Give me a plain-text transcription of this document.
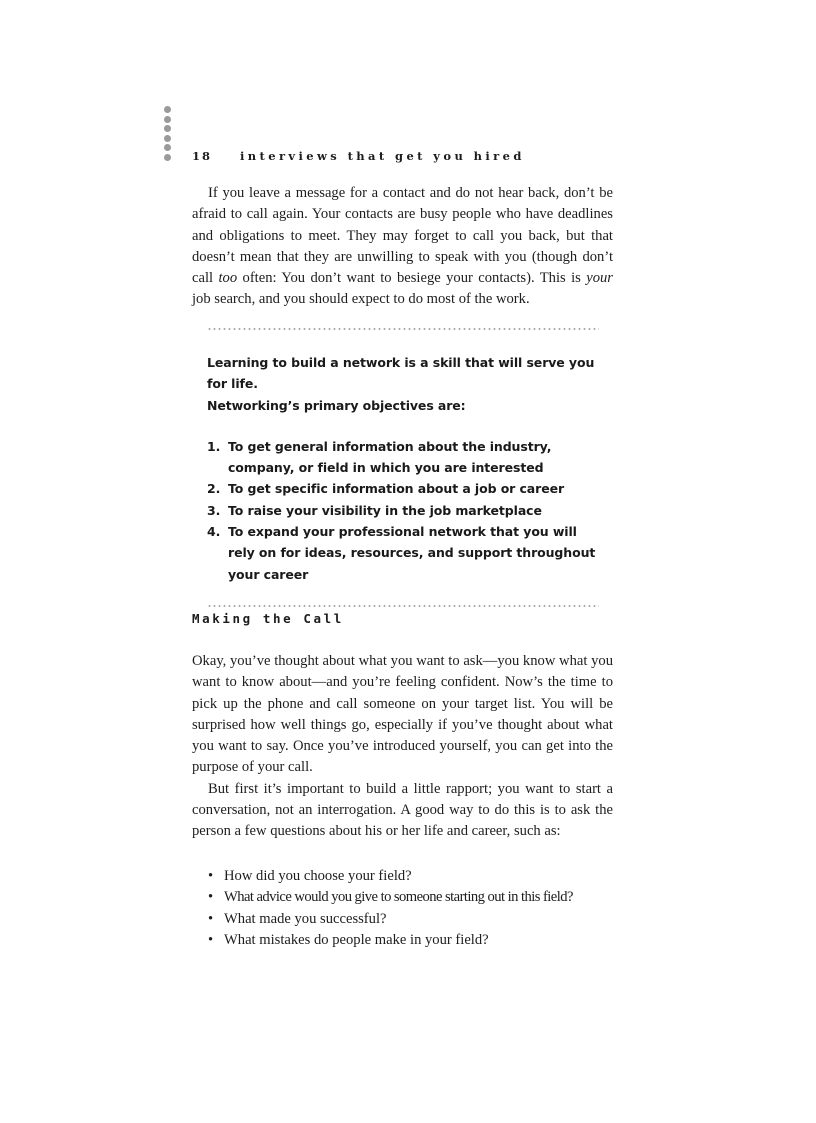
18 interviews that get you hired

If you leave a message for a contact and do not hear back, don’t be afraid to call again. Your contacts are busy people who have deadlines and obligations to meet. They may forget to call you back, but that doesn’t mean that they are unwilling to speak with you (though don’t call too often: You don’t want to besiege your contacts). This is your job search, and you should expect to do most of the work.

Learning to build a network is a skill that will serve you for life.
Networking’s primary objectives are:
1. To get general information about the industry, company, or field in which you are interested
2. To get specific information about a job or career
3. To raise your visibility in the job marketplace
4. To expand your professional network that you will rely on for ideas, resources, and support throughout your career
Making the Call

Okay, you’ve thought about what you want to ask—you know what you want to know about—and you’re feeling confident. Now’s the time to pick up the phone and call someone on your target list. You will be surprised how well things go, especially if you’ve thought about what you want to say. Once you’ve introduced yourself, you can get into the purpose of your call.

But first it’s important to build a little rapport; you want to start a conversation, not an interrogation. A good way to do this is to ask the person a few questions about his or her life and career, such as:

• How did you choose your field?
• What advice would you give to someone starting out in this field?
• What made you successful?
• What mistakes do people make in your field?
